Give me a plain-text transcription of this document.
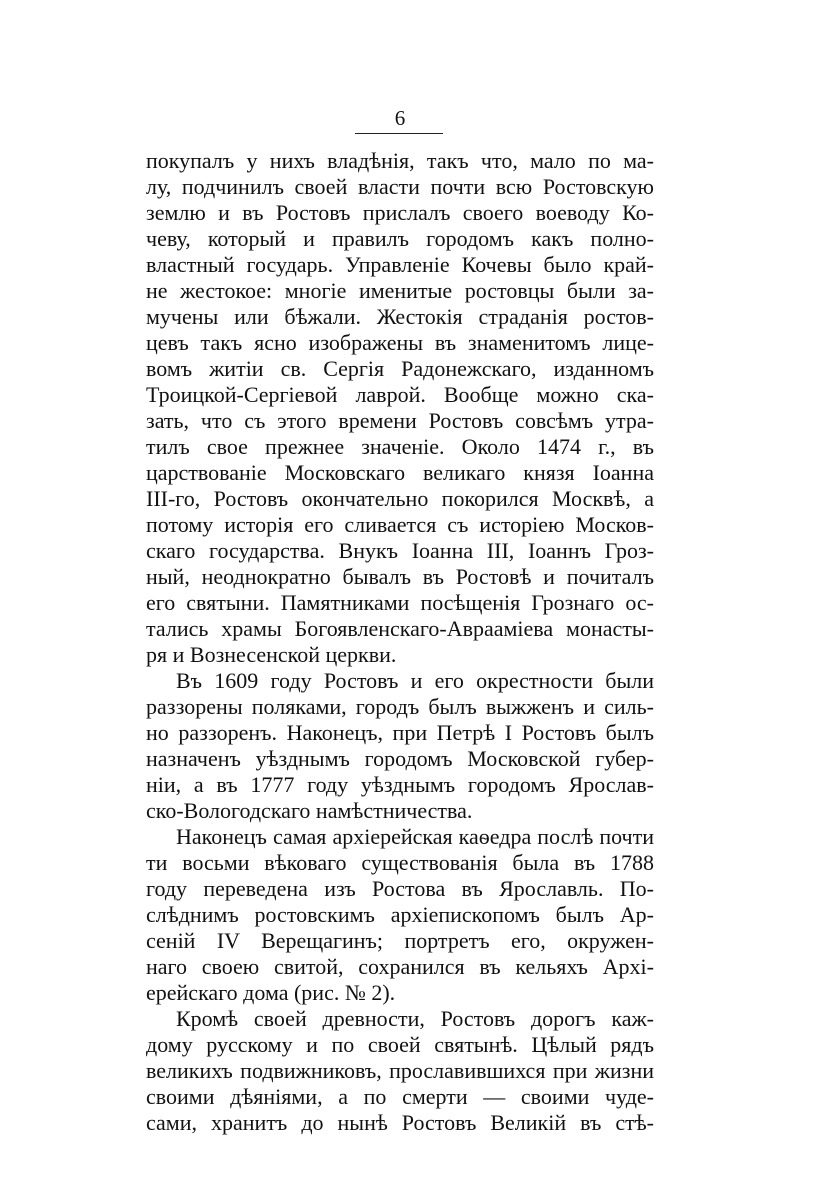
6
покупалъ у нихъ владѣнія, такъ что, мало по ма-
лу, подчинилъ своей власти почти всю Ростовскую
землю и въ Ростовъ прислалъ своего воеводу Ко-
чеву, который и правилъ городомъ какъ полно-
властный государь. Управленіе Кочевы было край-
не жестокое: многіе именитые ростовцы были за-
мучены или бѣжали. Жестокія страданія ростов-
цевъ такъ ясно изображены въ знаменитомъ лице-
вомъ житіи св. Сергія Радонежскаго, изданномъ
Троицкой-Сергіевой лаврой. Вообще можно ска-
зать, что съ этого времени Ростовъ совсѣмъ утра-
тилъ свое прежнее значеніе. Около 1474 г., въ
царствованіе Московскаго великаго князя Іоанна
III-го, Ростовъ окончательно покорился Москвѣ, а
потому исторія его сливается съ исторіею Москов-
скаго государства. Внукъ Іоанна III, Іоаннъ Гроз-
ный, неоднократно бывалъ въ Ростовѣ и почиталъ
его святыни. Памятниками посѣщенія Грознаго ос-
тались храмы Богоявленскаго-Авраамiева монасты-
ря и Вознесенской церкви.
Въ 1609 году Ростовъ и его окрестности были
раззорены поляками, городъ былъ выжженъ и силь-
но раззоренъ. Наконецъ, при Петрѣ I Ростовъ былъ
назначенъ уѣзднымъ городомъ Московской губер-
ніи, а въ 1777 году уѣзднымъ городомъ Ярослав-
ско-Вологодскаго намѣстничества.
Наконецъ самая архіерейская каѳедра послѣ почти
ти восьми вѣковаго существованія была въ 1788
году переведена изъ Ростова въ Ярославль. По-
слѣднимъ ростовскимъ архіепископомъ былъ Ар-
сеній IV Верещагинъ; портретъ его, окружен-
наго своею свитой, сохранился въ кельяхъ Архі-
ерейскаго дома (рис. № 2).
Кромѣ своей древности, Ростовъ дорогъ каж-
дому русскому и по своей святынѣ. Цѣлый рядъ
великихъ подвижниковъ, прославившихся при жизни
своими дѣяніями, а по смерти — своими чуде-
сами, хранитъ до нынѣ Ростовъ Великій въ стѣ-
